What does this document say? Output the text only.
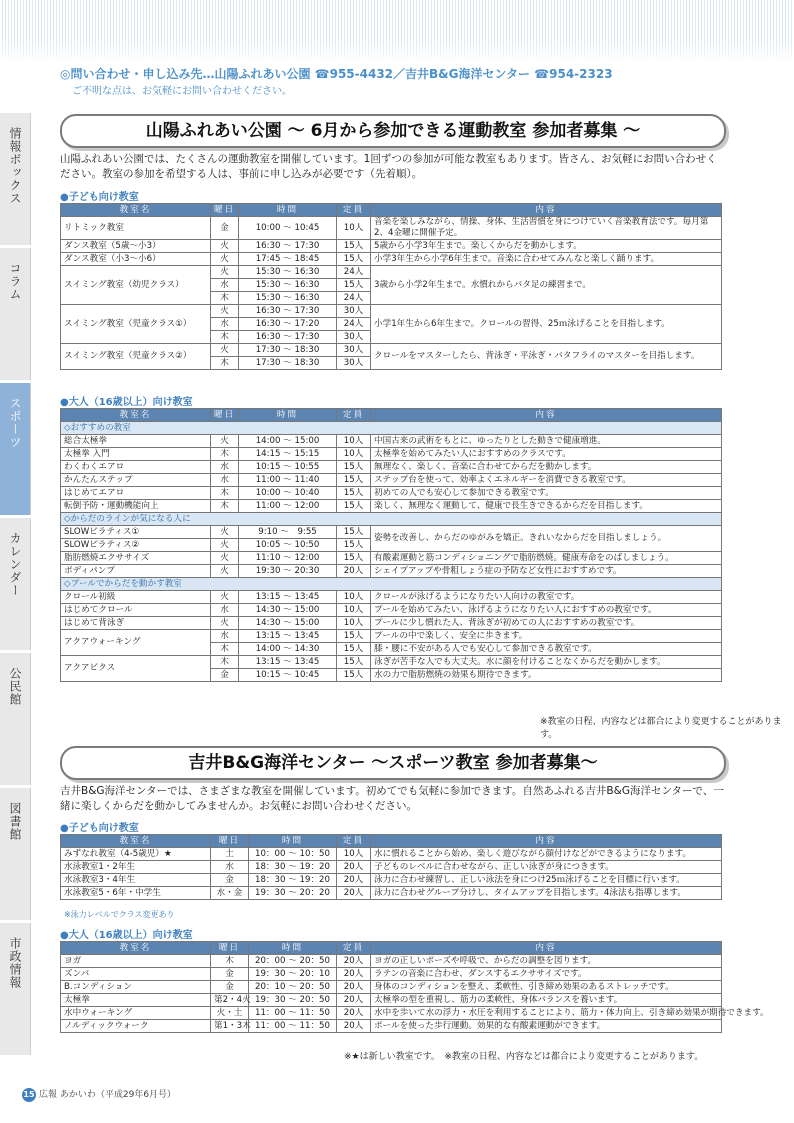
◎問い合わせ・申し込み先…山陽ふれあい公園 ☎955-4432／吉井B&G海洋センター ☎954-2323
ご不明な点は、お気軽にお問い合わせください。
情報ボックス
コラム
スポーツ
カレンダー
公民館
図書館
市政情報
山陽ふれあい公園 〜 6月から参加できる運動教室 参加者募集 〜
山陽ふれあい公園では、たくさんの運動教室を開催しています。1回ずつの参加が可能な教室もあります。皆さん、お気軽にお問い合わせください。教室の参加を希望する人は、事前に申し込みが必要です（先着順）。
●子ども向け教室
教室名	曜日	時間	定員	内容
リトミック教室	金	10:00 〜 10:45	10人	音楽を楽しみながら、情操、身体、生活習慣を身につけていく音楽教育法です。毎月第2、4金曜に開催予定。
ダンス教室（5歳〜小3）	火	16:30 〜 17:30	15人	5歳から小学3年生まで。楽しくからだを動かします。
ダンス教室（小3〜小6）	火	17:45 〜 18:45	15人	小学3年生から小学6年生まで。音楽に合わせてみんなと楽しく踊ります。
スイミング教室（幼児クラス）	火	15:30 〜 16:30	24人	3歳から小学2年生まで。水慣れからバタ足の練習まで。
	水	15:30 〜 16:30	15人	
	木	15:30 〜 16:30	24人	
スイミング教室（児童クラス①）	火	16:30 〜 17:30	30人	小学1年生から6年生まで。クロールの習得、25ｍ泳げることを目指します。
	水	16:30 〜 17:20	24人	
	木	16:30 〜 17:30	30人	
スイミング教室（児童クラス②）	火	17:30 〜 18:30	30人	クロールをマスターしたら、背泳ぎ・平泳ぎ・バタフライのマスターを目指します。
	木	17:30 〜 18:30	30人	
●大人（16歳以上）向け教室
教室名	曜日	時間	定員	内容
◇おすすめの教室				
総合太極拳	火	14:00 〜 15:00	10人	中国古来の武術をもとに、ゆったりとした動きで健康増進。
太極拳 入門	木	14:15 〜 15:15	10人	太極拳を始めてみたい人におすすめのクラスです。
わくわくエアロ	水	10:15 〜 10:55	15人	無理なく、楽しく、音楽に合わせてからだを動かします。
かんたんステップ	水	11:00 〜 11:40	15人	ステップ台を使って、効率よくエネルギーを消費できる教室です。
はじめてエアロ	木	10:00 〜 10:40	15人	初めての人でも安心して参加できる教室です。
転倒予防・運動機能向上	木	11:00 〜 12:00	15人	楽しく、無理なく運動して、健康で長生きできるからだを目指します。
◇からだのラインが気になる人に				
SLOWピラティス①	火	9:10 〜　9:55	15人	姿勢を改善し、からだのゆがみを矯正。きれいなからだを目指しましょう。
SLOWピラティス②	火	10:05 〜 10:50	15人	
脂肪燃焼エクササイズ	火	11:10 〜 12:00	15人	有酸素運動と筋コンディショニングで脂肪燃焼。健康寿命をのばしましょう。
ボディパンプ	火	19:30 〜 20:30	20人	シェイプアップや骨粗しょう症の予防など女性におすすめです。
◇プールでからだを動かす教室				
クロール初級	火	13:15 〜 13:45	10人	クロールが泳げるようになりたい人向けの教室です。
はじめてクロール	水	14:30 〜 15:00	10人	プールを始めてみたい、泳げるようになりたい人におすすめの教室です。
はじめて背泳ぎ	火	14:30 〜 15:00	10人	プールに少し慣れた人、背泳ぎが初めての人におすすめの教室です。
アクアウォーキング	水	13:15 〜 13:45	15人	プールの中で楽しく、安全に歩きます。
	木	14:00 〜 14:30	15人	膝・腰に不安がある人でも安心して参加できる教室です。
アクアビクス	木	13:15 〜 13:45	15人	泳ぎが苦手な人でも大丈夫。水に顔を付けることなくからだを動かします。
	金	10:15 〜 10:45	15人	水の力で脂肪燃焼の効果も期待できます。
※教室の日程、内容などは都合により変更することがあります。
吉井B&G海洋センター 〜スポーツ教室 参加者募集〜
吉井B&G海洋センターでは、さまざまな教室を開催しています。初めてでも気軽に参加できます。自然あふれる吉井B&G海洋センターで、一緒に楽しくからだを動かしてみませんか。お気軽にお問い合わせください。
●子ども向け教室
教室名	曜日	時間	定員	内容
みずなれ教室（4-5歳児）★	土	10：00 〜 10：50	10人	水に慣れることから始め、楽しく遊びながら顔付けなどができるようになります。
水泳教室1・2年生	水	18：30 〜 19：20	20人	子どものレベルに合わせながら、正しい泳ぎが身につきます。
水泳教室3・4年生	金	18：30 〜 19：20	20人	泳力に合わせ練習し、正しい泳法を身につけ25ｍ泳げることを目標に行います。
水泳教室5・6年・中学生	水・金	19：30 〜 20：20	20人	泳力に合わせグループ分けし、タイムアップを目指します。4泳法も指導します。
※泳力レベルでクラス変更あり
●大人（16歳以上）向け教室
教室名	曜日	時間	定員	内容
ヨガ	木	20：00 〜 20：50	20人	ヨガの正しいポーズや呼吸で、からだの調整を図ります。
ズンバ	金	19：30 〜 20：10	20人	ラテンの音楽に合わせ、ダンスするエクササイズです。
B.コンディション	金	20：10 〜 20：50	20人	身体のコンディションを整え、柔軟性、引き締め効果のあるストレッチです。
太極拳	第2・4火	19：30 〜 20：50	20人	太極拳の型を重視し、筋力の柔軟性、身体バランスを養います。
水中ウォーキング	火・土	11：00 〜 11：50	20人	水中を歩いて水の浮力・水圧を利用することにより、筋力・体力向上、引き締め効果が期待できます。
ノルディックウォーク	第1・3木	11：00 〜 11：50	20人	ポールを使った歩行運動。効果的な有酸素運動ができます。
※★は新しい教室です。　※教室の日程、内容などは都合により変更することがあります。
15 広報 あかいわ（平成29年6月号）
